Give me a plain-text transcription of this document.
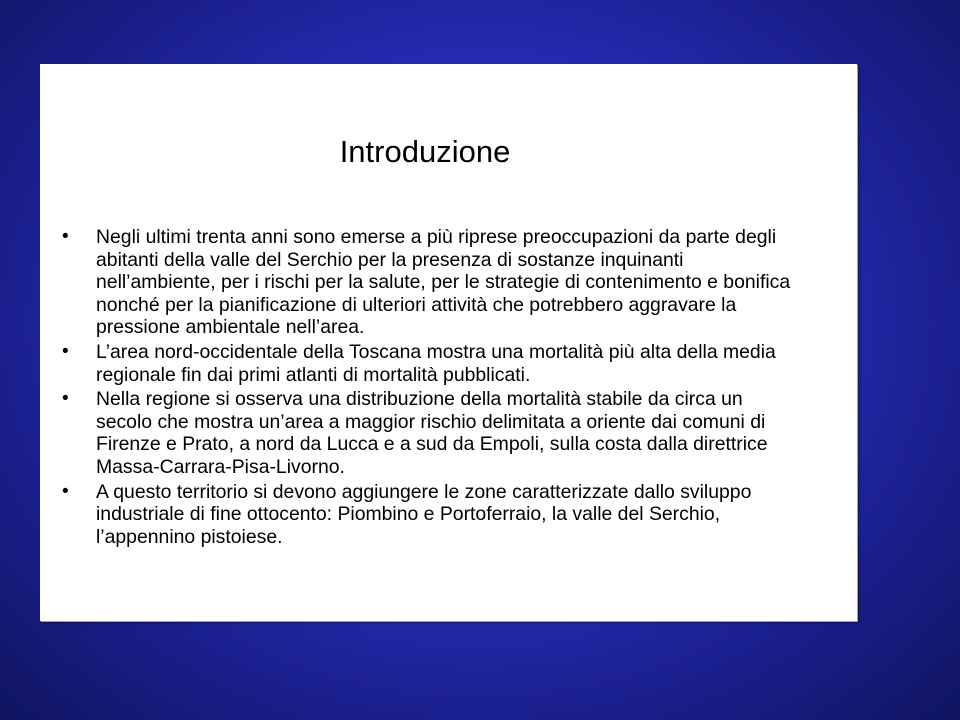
Introduzione
• Negli ultimi trenta anni sono emerse a più riprese preoccupazioni da parte degli abitanti della valle del Serchio per la presenza di sostanze inquinanti nell’ambiente, per i rischi per la salute, per le strategie di contenimento e bonifica nonché per la pianificazione di ulteriori attività che potrebbero aggravare la pressione ambientale nell’area.
• L’area nord-occidentale della Toscana mostra una mortalità più alta della media regionale fin dai primi atlanti di mortalità pubblicati.
• Nella regione si osserva una distribuzione della mortalità stabile da circa un secolo che mostra un’area a maggior rischio delimitata a oriente dai comuni di Firenze e Prato, a nord da Lucca e a sud da Empoli, sulla costa dalla direttrice Massa-Carrara-Pisa-Livorno.
• A questo territorio si devono aggiungere le zone caratterizzate dallo sviluppo industriale di fine ottocento: Piombino e Portoferraio, la valle del Serchio, l’appennino pistoiese.
